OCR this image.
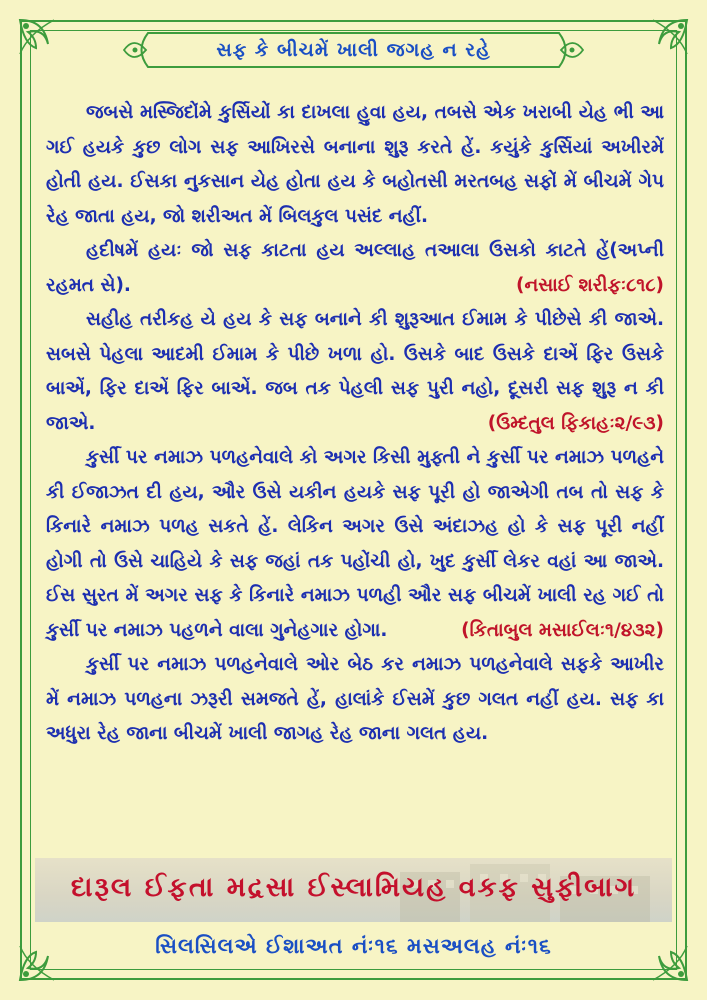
સફ કે બીચમેં ખાલી જગહ ન રહે

જબસે મસ્જિદોંમે કુર્સિયોં કા દાખલા હુવા હય, તબસે એક ખરાબી યેહ ભી આ ગઈ હયકે કુછ લોગ સફ આખિરસે બનાના શુરૂ કરતે હેં. કયુંકે કુર્સિયાં અખીરમેં હોતી હય. ઈસકા નુકસાન યેહ હોતા હય કે બહોતસી મરતબહ સફોં મેં બીચમેં ગેપ રેહ જાતા હય, જો શરીઅત મેં બિલકુલ પસંદ નહીં.

હદીષમેં હયઃ જો સફ કાટતા હય અલ્લાહ તઆલા ઉસકો કાટતે હેં(અપ્ની રહમત સે).	(નસાઈ શરીફઃ૮૧૮)

સહીહ તરીકહ યે હય કે સફ બનાને કી શુરૂઆત ઈમામ કે પીછેસે કી જાએ. સબસે પેહલા આદમી ઈમામ કે પીછે ખળા હો. ઉસકે બાદ ઉસકે દાએં ફિર ઉસકે બાએં, ફિર દાએં ફિર બાએં. જબ તક પેહલી સફ પુરી નહો, દૂસરી સફ શુરૂ ન કી જાએ.	(ઉમ્દતુલ ફિકાહઃ૨/૯૩)

કુર્સી પર નમાઝ પળહનેવાલે કો અગર કિસી મુફ્તી ને કુર્સી પર નમાઝ પળહને કી ઈજાઝત દી હય, ઔર ઉસે યકીન હયકે સફ પૂરી હો જાએગી તબ તો સફ કે કિનારે નમાઝ પળહ સકતે હેં. લેકિન અગર ઉસે અંદાઝહ હો કે સફ પૂરી નહીં હોગી તો ઉસે ચાહિયે કે સફ જહાં તક પહોંચી હો, ખુદ કુર્સી લેકર વહાં આ જાએ. ઈસ સુરત મેં અગર સફ કે કિનારે નમાઝ પળહી ઔર સફ બીચમેં ખાલી રહ ગઈ તો કુર્સી પર નમાઝ પહળને વાલા ગુનેહગાર હોગા.	(કિતાબુલ મસાઈલઃ૧/૪૩૨)

કુર્સી પર નમાઝ પળહનેવાલે ઓર બેઠ કર નમાઝ પળહનેવાલે સફકે આખીર મેં નમાઝ પળહના ઝરૂરી સમજતે હેં, હાલાંકે ઈસમેં કુછ ગલત નહીં હય. સફ કા અધુરા રેહ જાના બીચમેં ખાલી જાગહ રેહ જાના ગલત હય.

દારૂલ ઈફતા મદ્રસા ઈસ્લામિયહ વકફ સુફીબાગ
સિલસિલએ ઈશાઅત નંઃ૧૬ મસઅલહ નંઃ૧૬
